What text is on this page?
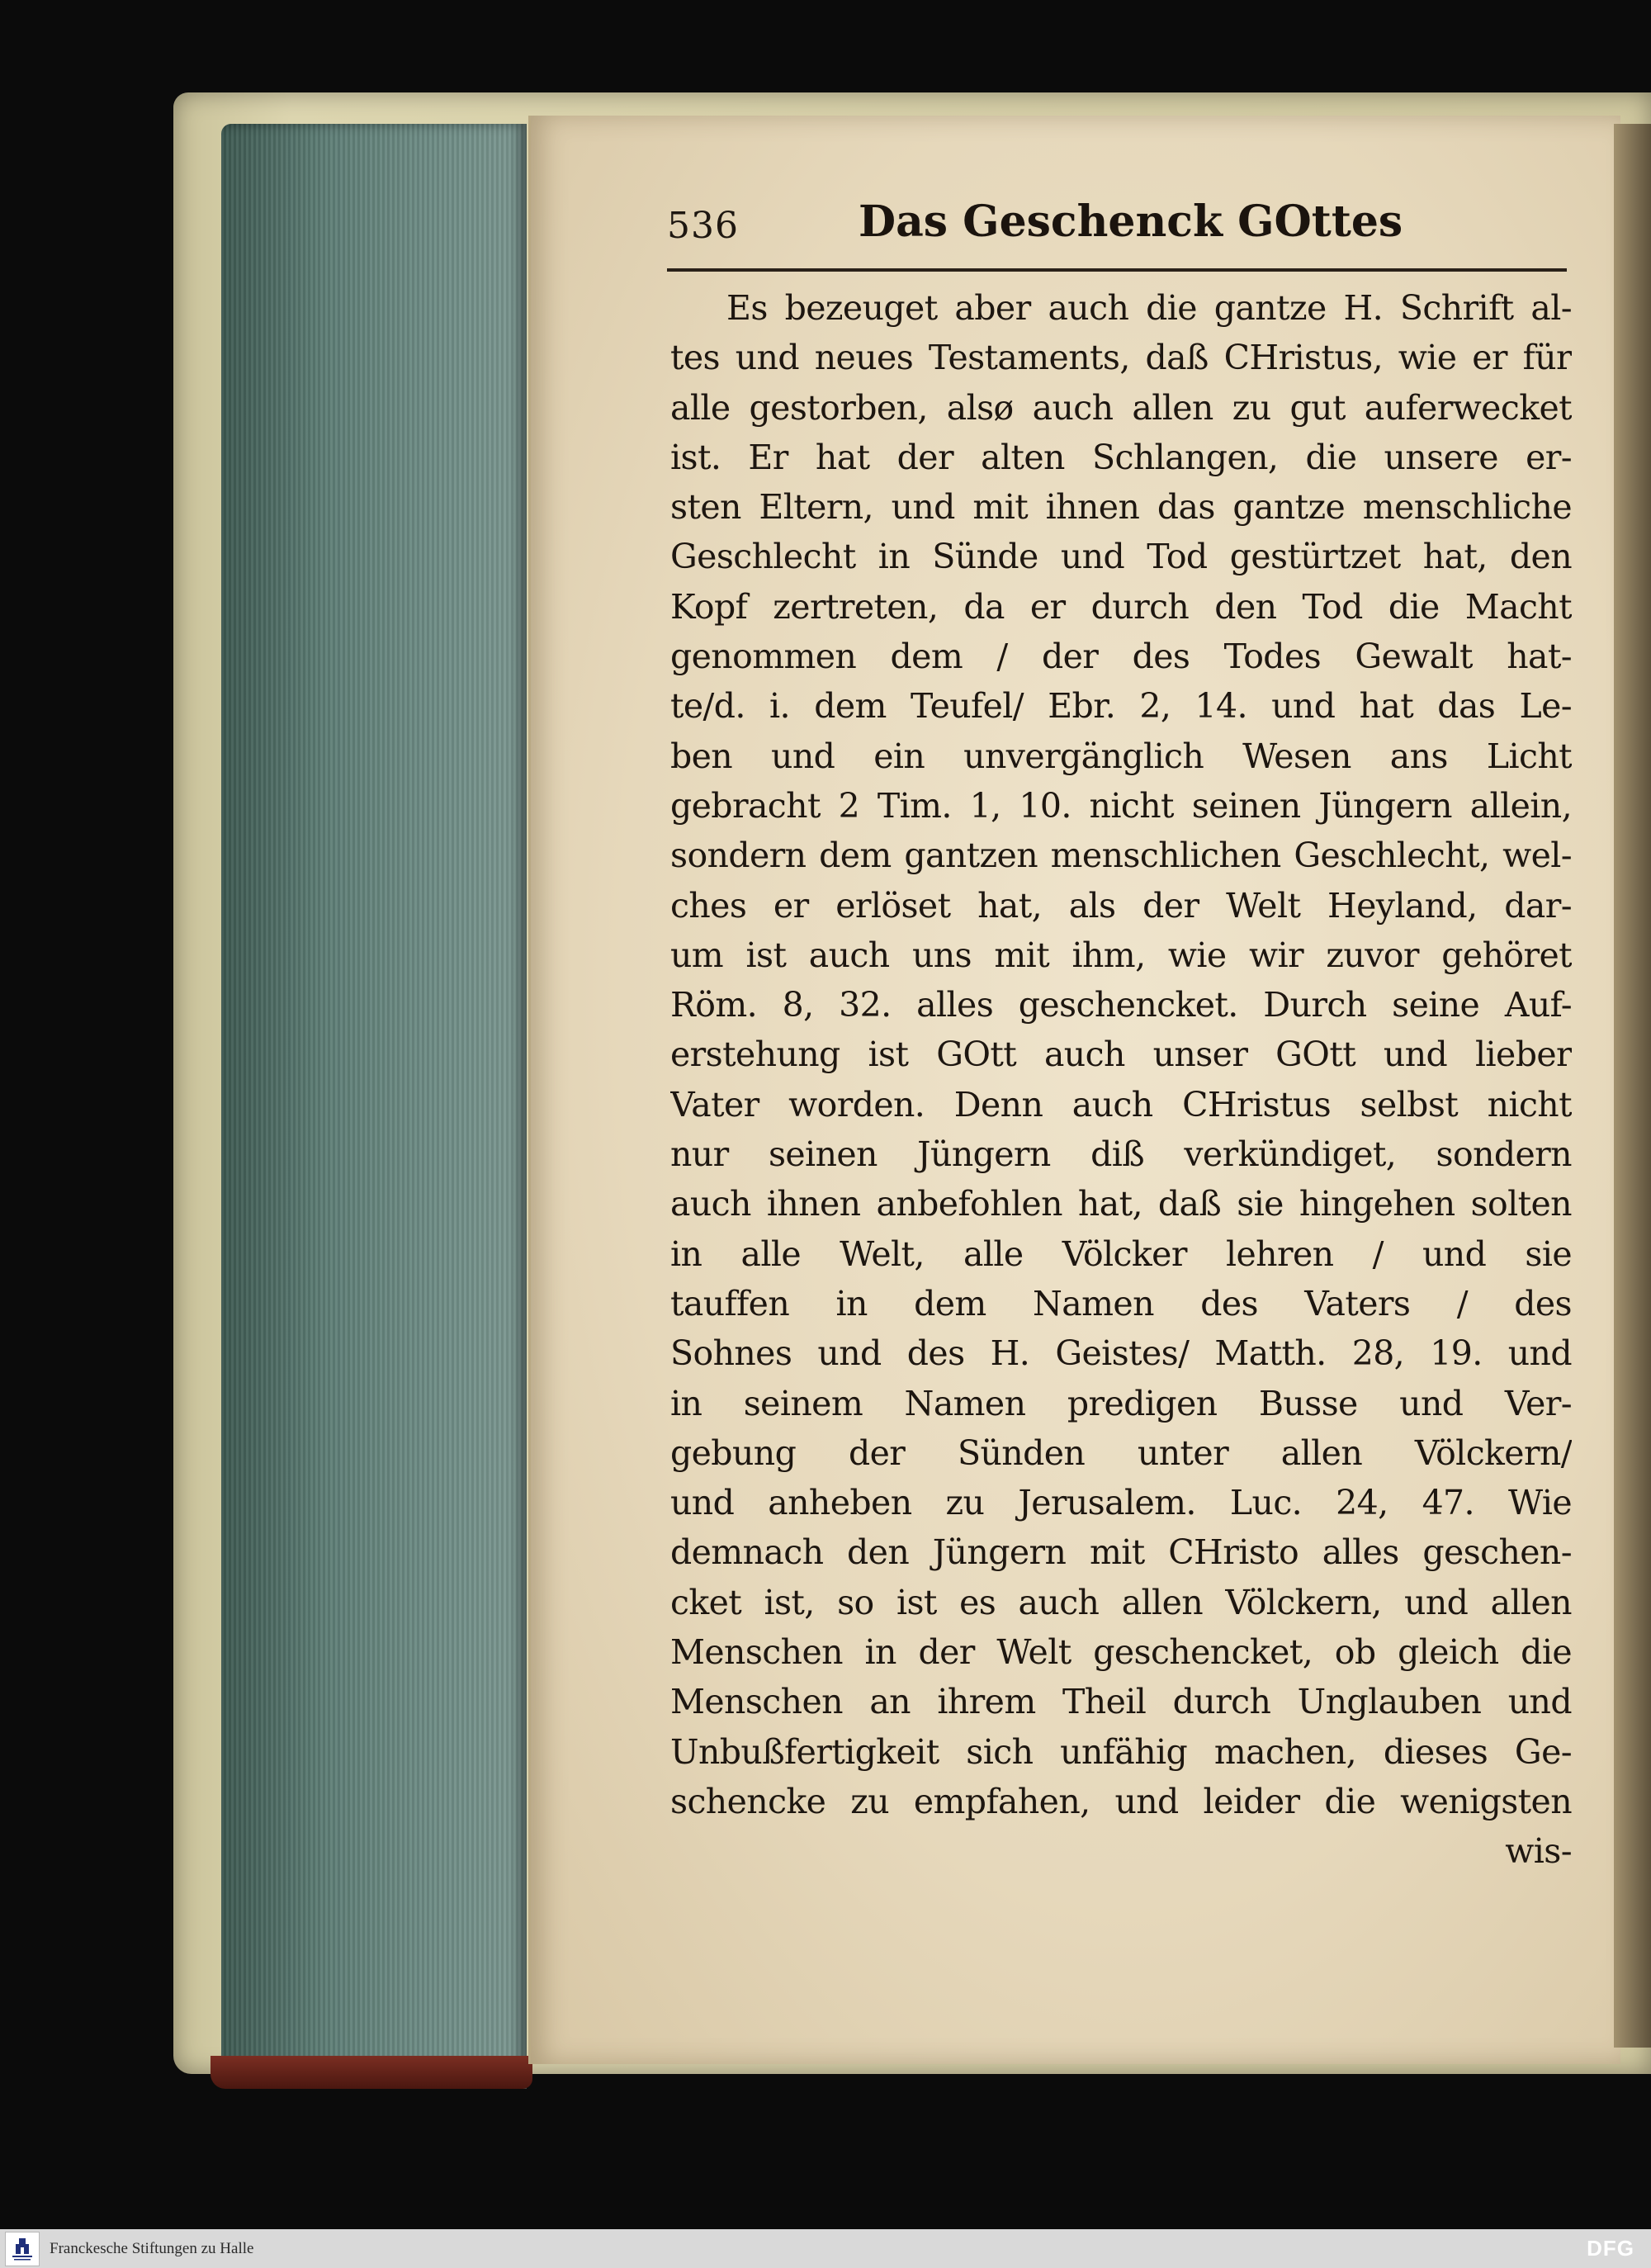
536	Das Geschenck GOttes
Es bezeuget aber auch die gantze H. Schrift al-
tes und neues Testaments, daß CHristus, wie er für
alle gestorben, alsø auch allen zu gut auferwecket
ist. Er hat der alten Schlangen, die unsere er-
sten Eltern, und mit ihnen das gantze menschliche
Geschlecht in Sünde und Tod gestürtzet hat, den
Kopf zertreten, da er durch den Tod die Macht
genommen dem / der des Todes Gewalt hat-
te/d. i. dem Teufel/ Ebr. 2, 14. und hat das Le-
ben und ein unvergänglich Wesen ans Licht
gebracht 2 Tim. 1, 10. nicht seinen Jüngern allein,
sondern dem gantzen menschlichen Geschlecht, wel-
ches er erlöset hat, als der Welt Heyland, dar-
um ist auch uns mit ihm, wie wir zuvor gehöret
Röm. 8, 32. alles geschencket. Durch seine Auf-
erstehung ist GOtt auch unser GOtt und lieber
Vater worden. Denn auch CHristus selbst nicht
nur seinen Jüngern diß verkündiget, sondern
auch ihnen anbefohlen hat, daß sie hingehen solten
in alle Welt, alle Völcker lehren / und sie
tauffen in dem Namen des Vaters / des
Sohnes und des H. Geistes/ Matth. 28, 19. und
in seinem Namen predigen Busse und Ver-
gebung der Sünden unter allen Völckern/
und anheben zu Jerusalem. Luc. 24, 47. Wie
demnach den Jüngern mit CHristo alles geschen-
cket ist, so ist es auch allen Völckern, und allen
Menschen in der Welt geschencket, ob gleich die
Menschen an ihrem Theil durch Unglauben und
Unbußfertigkeit sich unfähig machen, dieses Ge-
schencke zu empfahen, und leider die wenigsten
wis-
Franckesche Stiftungen zu Halle	DFG
